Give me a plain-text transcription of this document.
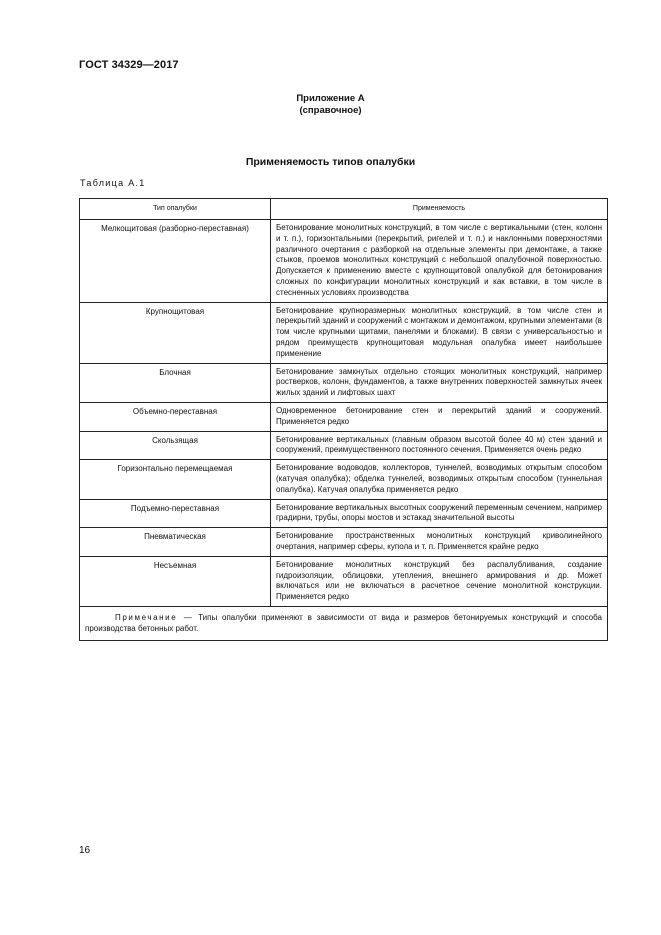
ГОСТ 34329—2017
Приложение А
(справочное)
Применяемость типов опалубки
Таблица А.1
Тип опалубки	Применяемость
Мелкощитовая (разборно-переставная)	Бетонирование монолитных конструкций, в том числе с вертикальными (стен, колонн и т. п.), горизонтальными (перекрытий, ригелей и т. п.) и наклонными поверхностями различного очертания с разборкой на отдельные элементы при демонтаже, а также стыков, проемов монолитных конструкций с небольшой опалубочной поверхностью. Допускается к применению вместе с крупнощитовой опалубкой для бетонирования сложных по конфигурации монолитных конструкций и как вставки, в том числе в стесненных условиях производства
Крупнощитовая	Бетонирование крупноразмерных монолитных конструкций, в том числе стен и перекрытий зданий и сооружений с монтажом и демонтажом, крупными элементами (в том числе крупными щитами, панелями и блоками). В связи с универсальностью и рядом преимуществ крупнощитовая модульная опалубка имеет наибольшее применение
Блочная	Бетонирование замкнутых отдельно стоящих монолитных конструкций, например ростверков, колонн, фундаментов, а также внутренних поверхностей замкнутых ячеек жилых зданий и лифтовых шахт
Объемно-переставная	Одновременное бетонирование стен и перекрытий зданий и сооружений. Применяется редко
Скользящая	Бетонирование вертикальных (главным образом высотой более 40 м) стен зданий и сооружений, преимущественного постоянного сечения. Применяется очень редко
Горизонтально перемещаемая	Бетонирование водоводов, коллекторов, туннелей, возводимых открытым способом (катучая опалубка); обделка туннелей, возводимых открытым способом (туннельная опалубка). Катучая опалубка применяется редко
Подъемно-переставная	Бетонирование вертикальных высотных сооружений переменным сечением, например градирни, трубы, опоры мостов и эстакад значительной высоты
Пневматическая	Бетонирование пространственных монолитных конструкций криволинейного очертания, например сферы, купола и т. п. Применяется крайне редко
Несъемная	Бетонирование монолитных конструкций без распалубливания, создание гидроизоляции, облицовки, утепления, внешнего армирования и др. Может включаться или не включаться в расчетное сечение монолитной конструкции. Применяется редко
Примечание — Типы опалубки применяют в зависимости от вида и размеров бетонируемых конструкций и способа производства бетонных работ.	
16
